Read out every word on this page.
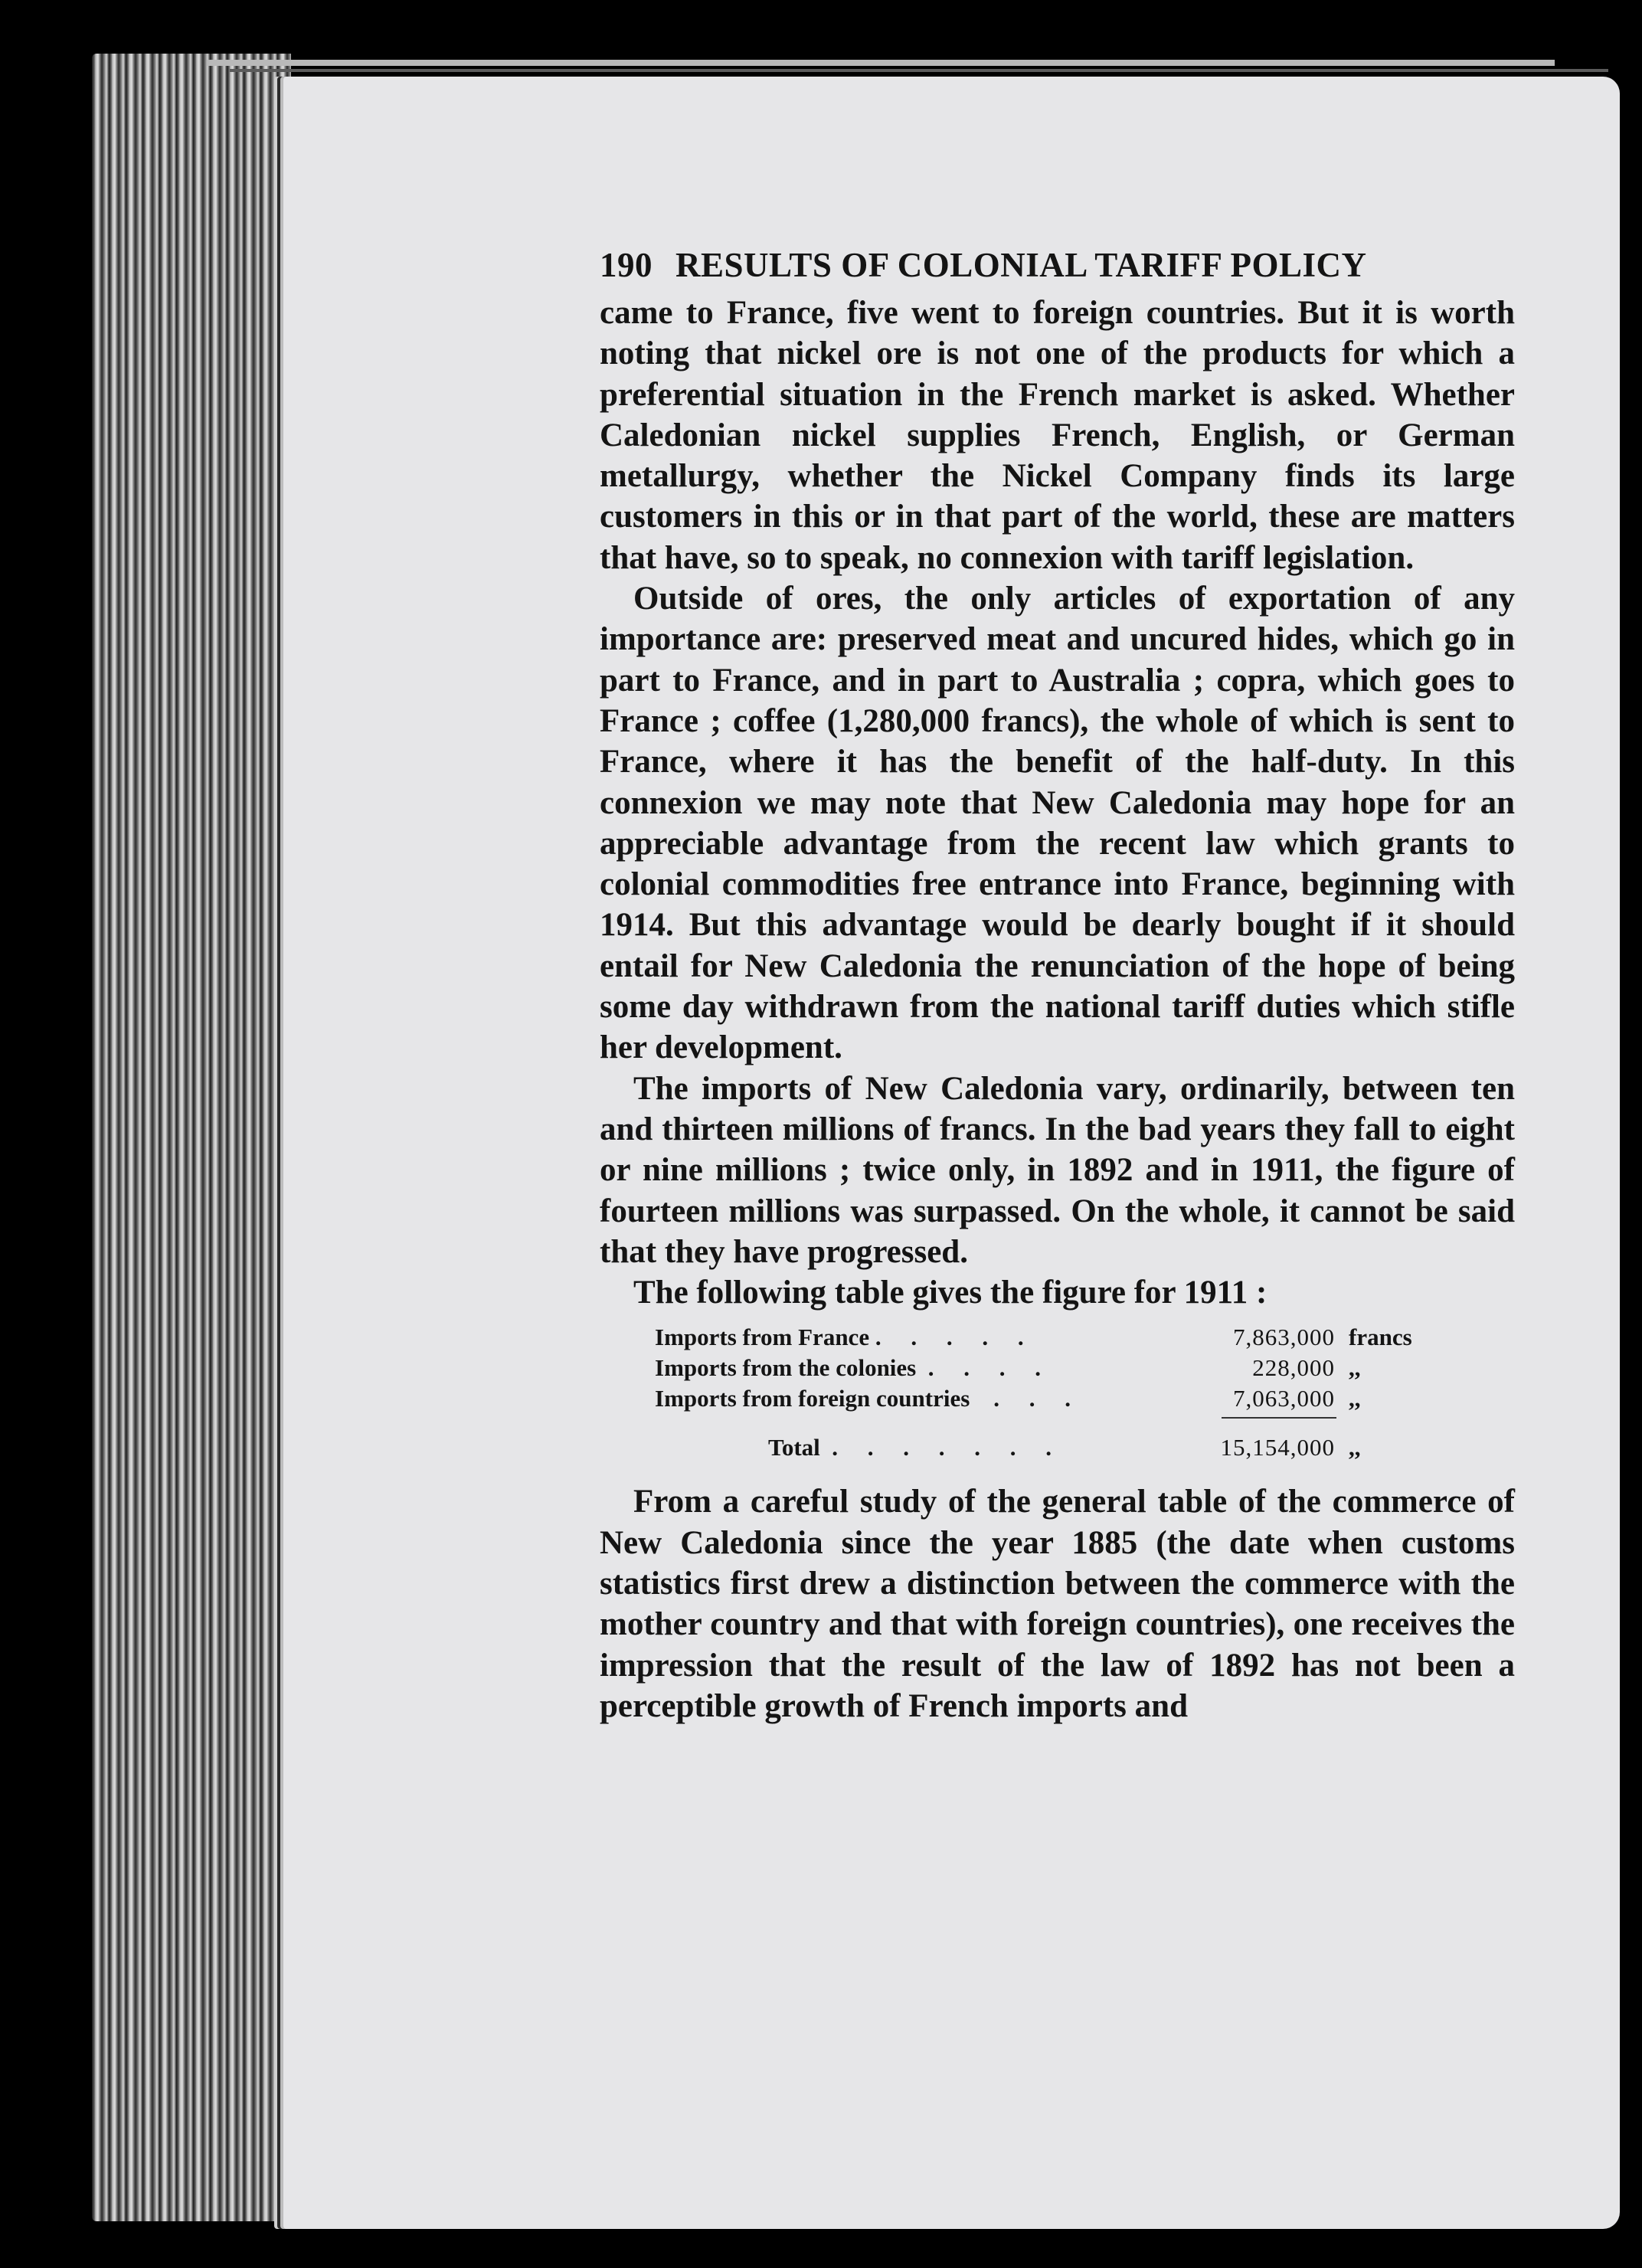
190 RESULTS OF COLONIAL TARIFF POLICY

came to France, five went to foreign countries. But it is worth noting that nickel ore is not one of the products for which a preferential situation in the French market is asked. Whether Caledonian nickel supplies French, English, or German metallurgy, whether the Nickel Company finds its large customers in this or in that part of the world, these are matters that have, so to speak, no connexion with tariff legislation.

Outside of ores, the only articles of exportation of any importance are: preserved meat and uncured hides, which go in part to France, and in part to Australia ; copra, which goes to France ; coffee (1,280,000 francs), the whole of which is sent to France, where it has the benefit of the half-duty. In this connexion we may note that New Caledonia may hope for an appreciable advantage from the recent law which grants to colonial commodities free entrance into France, beginning with 1914. But this advantage would be dearly bought if it should entail for New Caledonia the renunciation of the hope of being some day withdrawn from the national tariff duties which stifle her development.

The imports of New Caledonia vary, ordinarily, between ten and thirteen millions of francs. In the bad years they fall to eight or nine millions ; twice only, in 1892 and in 1911, the figure of fourteen millions was surpassed. On the whole, it cannot be said that they have progressed.

The following table gives the figure for 1911 :

Imports from France .     .     .     .     .	7,863,000 francs
Imports from the colonies  .     .     .     .	228,000 ,,
Imports from foreign countries    .     .     .	7,063,000 ,,
Total  .     .     .     .     .     .     .	15,154,000 ,,

From a careful study of the general table of the commerce of New Caledonia since the year 1885 (the date when customs statistics first drew a distinction between the commerce with the mother country and that with foreign countries), one receives the impression that the result of the law of 1892 has not been a perceptible growth of French imports and
